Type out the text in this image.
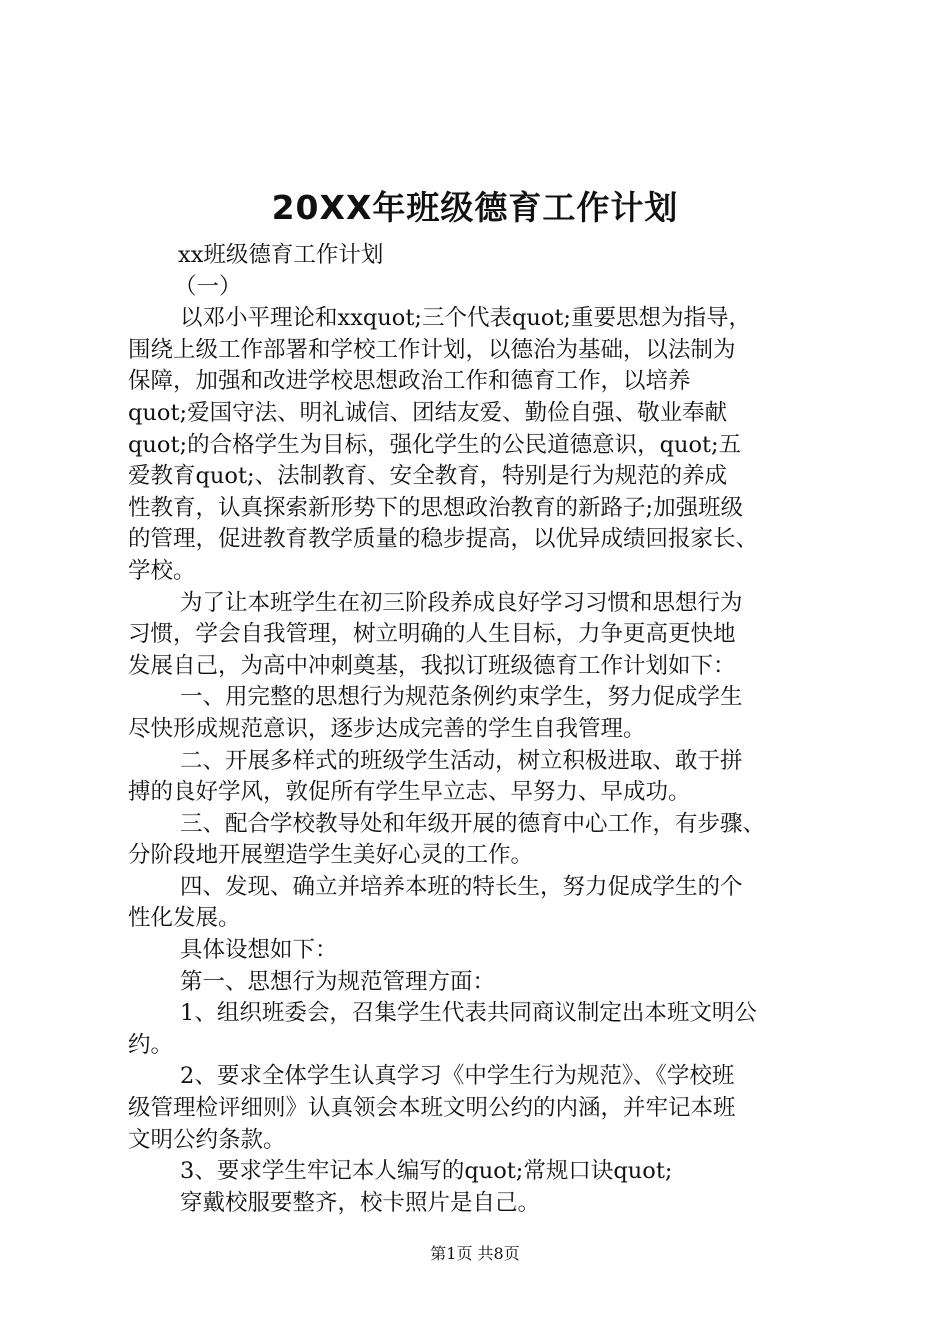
20XX年班级德育工作计划
xx班级德育工作计划
（一）
以邓小平理论和xxquot;三个代表quot;重要思想为指导，
围绕上级工作部署和学校工作计划，以德治为基础，以法制为
保障，加强和改进学校思想政治工作和德育工作，以培养
quot;爱国守法、明礼诚信、团结友爱、勤俭自强、敬业奉献
quot;的合格学生为目标，强化学生的公民道德意识，quot;五
爱教育quot;、法制教育、安全教育，特别是行为规范的养成
性教育，认真探索新形势下的思想政治教育的新路子;加强班级
的管理，促进教育教学质量的稳步提高，以优异成绩回报家长、
学校。
为了让本班学生在初三阶段养成良好学习习惯和思想行为
习惯，学会自我管理，树立明确的人生目标，力争更高更快地
发展自己，为高中冲刺奠基，我拟订班级德育工作计划如下：
一、用完整的思想行为规范条例约束学生，努力促成学生
尽快形成规范意识，逐步达成完善的学生自我管理。
二、开展多样式的班级学生活动，树立积极进取、敢于拼
搏的良好学风，敦促所有学生早立志、早努力、早成功。
三、配合学校教导处和年级开展的德育中心工作，有步骤、
分阶段地开展塑造学生美好心灵的工作。
四、发现、确立并培养本班的特长生，努力促成学生的个
性化发展。
具体设想如下：
第一、思想行为规范管理方面：
1、组织班委会，召集学生代表共同商议制定出本班文明公
约。
2、要求全体学生认真学习《中学生行为规范》、《学校班
级管理检评细则》认真领会本班文明公约的内涵，并牢记本班
文明公约条款。
3、要求学生牢记本人编写的quot;常规口诀quot;
穿戴校服要整齐，校卡照片是自己。
第1页 共8页
